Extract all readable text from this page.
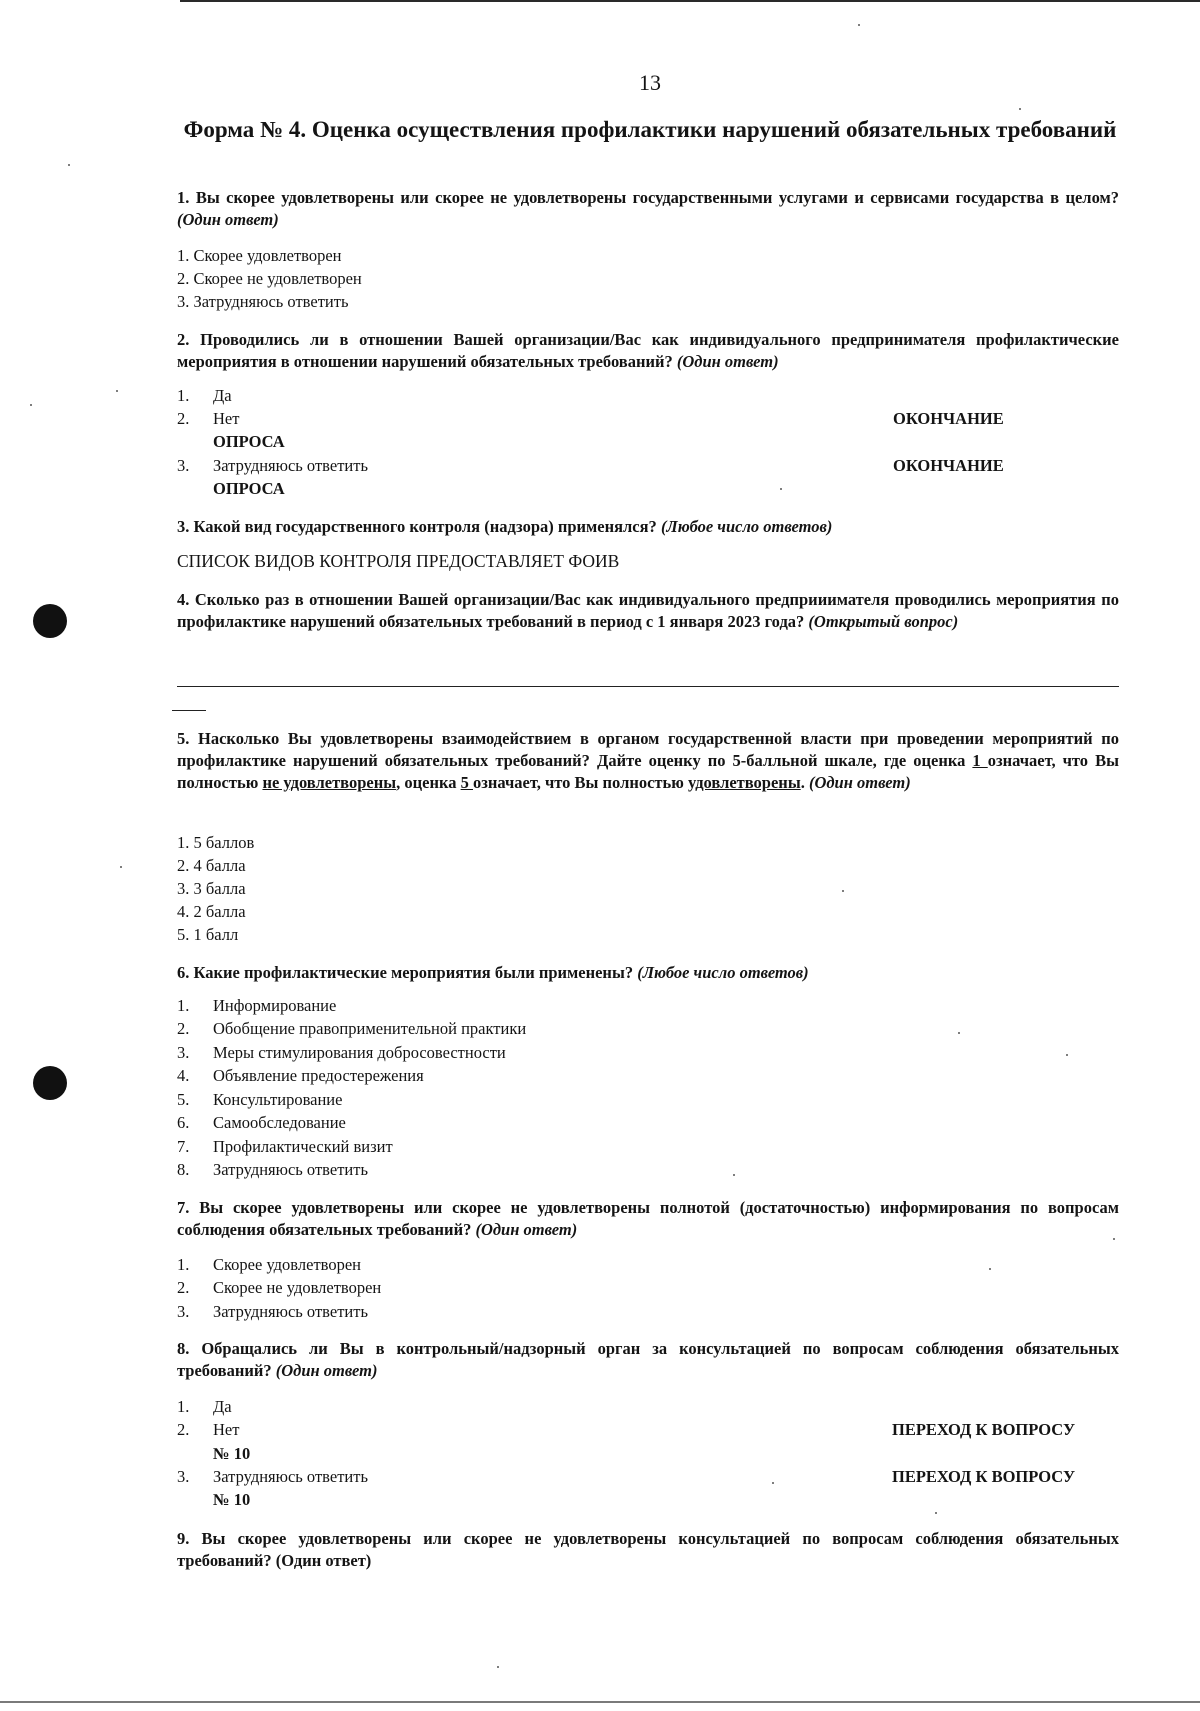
13
Форма № 4. Оценка осуществления профилактики нарушений обязательных требований
1. Вы скорее удовлетворены или скорее не удовлетворены государственными услугами и сервисами государства в целом? (Один ответ)
1. Скорее удовлетворен
2. Скорее не удовлетворен
3. Затрудняюсь ответить
2. Проводились ли в отношении Вашей организации/Вас как индивидуального предпринимателя профилактические мероприятия в отношении нарушений обязательных требований? (Один ответ)
1. Да
2. Нет	ОКОНЧАНИЕ
ОПРОСА
3. Затрудняюсь ответить	ОКОНЧАНИЕ
ОПРОСА
3. Какой вид государственного контроля (надзора) применялся? (Любое число ответов)
СПИСОК ВИДОВ КОНТРОЛЯ ПРЕДОСТАВЛЯЕТ ФОИВ
4. Сколько раз в отношении Вашей организации/Вас как индивидуального предприиимателя проводились мероприятия по профилактике нарушений обязательных требований в период с 1 января 2023 года? (Открытый вопрос)
5. Насколько Вы удовлетворены взаимодействием в органом государственной власти при проведении мероприятий по профилактике нарушений обязательных требований? Дайте оценку по 5-балльной шкале, где оценка 1 означает, что Вы полностью не удовлетворены, оценка 5 означает, что Вы полностью удовлетворены. (Один ответ)
1. 5 баллов
2. 4 балла
3. 3 балла
4. 2 балла
5. 1 балл
6. Какие профилактические мероприятия были применены? (Любое число ответов)
1. Информирование
2. Обобщение правоприменительной практики
3. Меры стимулирования добросовестности
4. Объявление предостережения
5. Консультирование
6. Самообследование
7. Профилактический визит
8. Затрудняюсь ответить
7. Вы скорее удовлетворены или скорее не удовлетворены полнотой (достаточностью) информирования по вопросам соблюдения обязательных требований? (Один ответ)
1. Скорее удовлетворен
2. Скорее не удовлетворен
3. Затрудняюсь ответить
8. Обращались ли Вы в контрольный/надзорный орган за консультацией по вопросам соблюдения обязательных требований? (Один ответ)
1. Да
2. Нет	ПЕРЕХОД К ВОПРОСУ
№ 10
3. Затрудняюсь ответить	ПЕРЕХОД К ВОПРОСУ
№ 10
9. Вы скорее удовлетворены или скорее не удовлетворены консультацией по вопросам соблюдения обязательных требований? (Один ответ)
